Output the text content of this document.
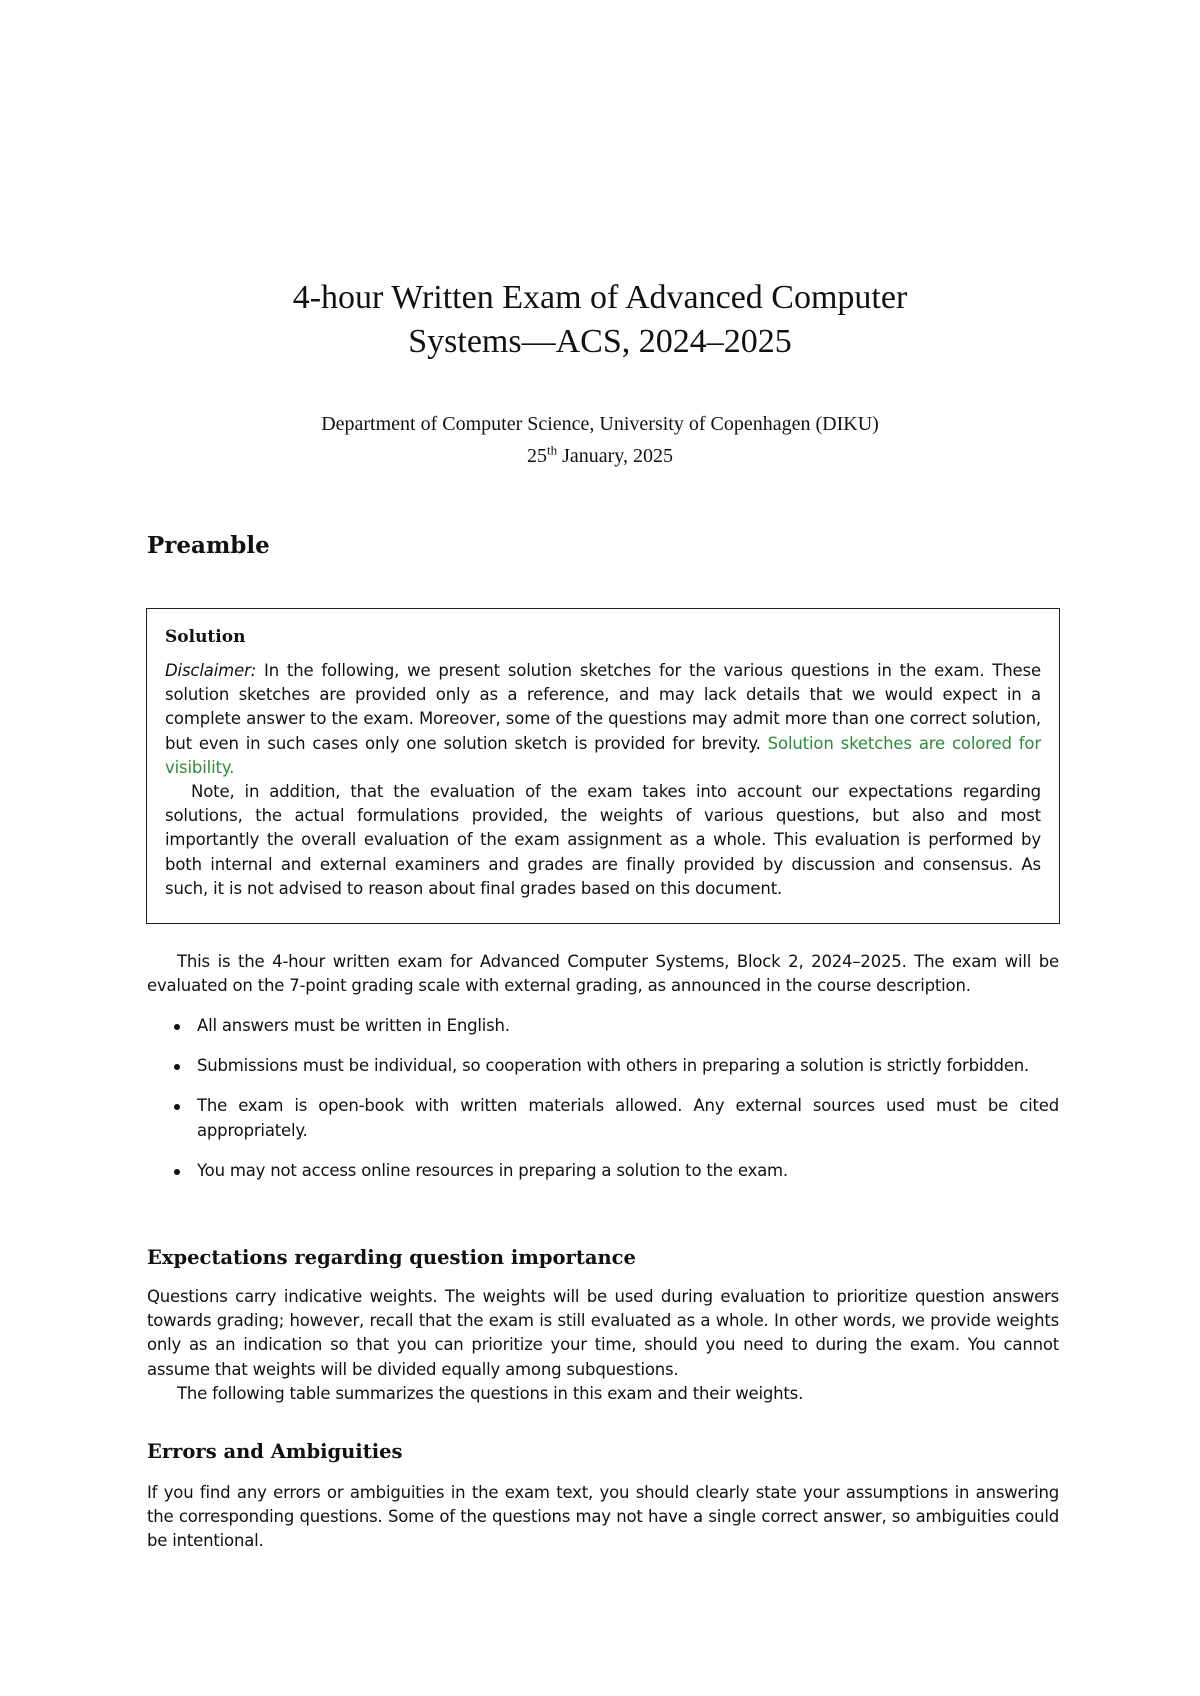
4-hour Written Exam of Advanced Computer
Systems—ACS, 2024–2025
Department of Computer Science, University of Copenhagen (DIKU)
25th January, 2025
Preamble
Solution

Disclaimer: In the following, we present solution sketches for the various questions in the exam. These solution sketches are provided only as a reference, and may lack details that we would expect in a complete answer to the exam. Moreover, some of the questions may admit more than one correct solution, but even in such cases only one solution sketch is provided for brevity. Solution sketches are colored for visibility.

Note, in addition, that the evaluation of the exam takes into account our expectations regarding solutions, the actual formulations provided, the weights of various questions, but also and most importantly the overall evaluation of the exam assignment as a whole. This evaluation is performed by both internal and external examiners and grades are finally provided by discussion and consensus. As such, it is not advised to reason about final grades based on this document.

This is the 4-hour written exam for Advanced Computer Systems, Block 2, 2024–2025. The exam will be evaluated on the 7-point grading scale with external grading, as announced in the course description.

All answers must be written in English.
Submissions must be individual, so cooperation with others in preparing a solution is strictly forbidden.
The exam is open-book with written materials allowed. Any external sources used must be cited appropriately.
You may not access online resources in preparing a solution to the exam.
Expectations regarding question importance

Questions carry indicative weights. The weights will be used during evaluation to prioritize question answers towards grading; however, recall that the exam is still evaluated as a whole. In other words, we provide weights only as an indication so that you can prioritize your time, should you need to during the exam. You cannot assume that weights will be divided equally among subquestions.

The following table summarizes the questions in this exam and their weights.

Errors and Ambiguities

If you find any errors or ambiguities in the exam text, you should clearly state your assumptions in answering the corresponding questions. Some of the questions may not have a single correct answer, so ambiguities could be intentional.
